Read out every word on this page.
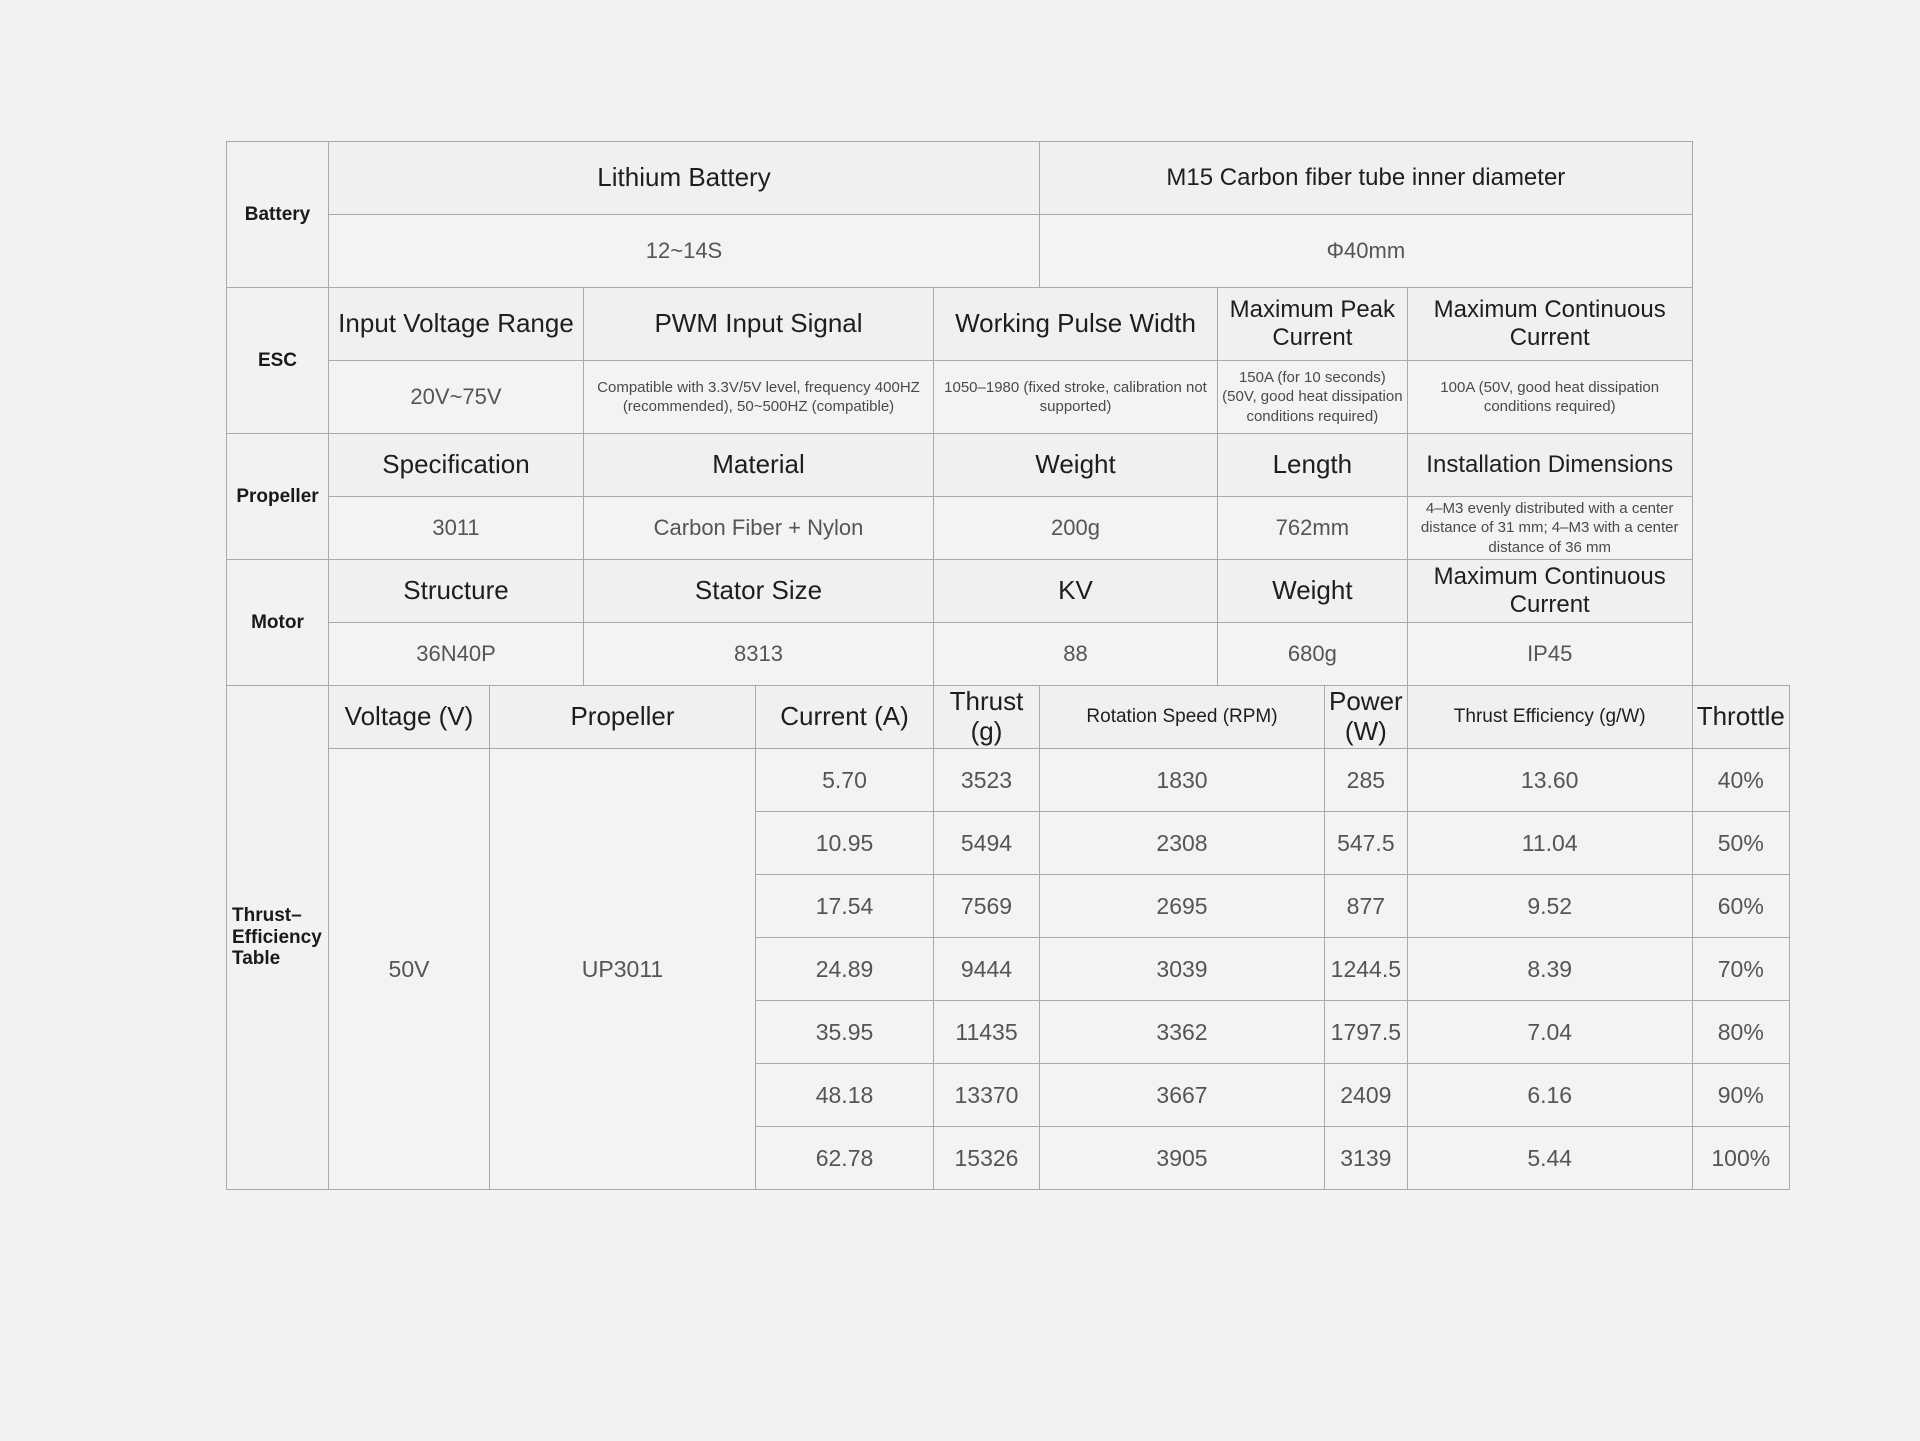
Battery	Lithium Battery					M15 Carbon fiber tube inner diameter				
	12~14S					Φ40mm				
ESC	Input Voltage Range		PWM Input Signal		Working Pulse Width		Maximum Peak Current		Maximum Continuous Current	
	20V~75V		Compatible with 3.3V/5V level, frequency 400HZ (recommended), 50~500HZ (compatible)		1050–1980 (fixed stroke, calibration not supported)		150A (for 10 seconds) (50V, good heat dissipation conditions required)		100A (50V, good heat dissipation conditions required)	
Propeller	Specification		Material		Weight		Length		Installation Dimensions	
	3011		Carbon Fiber + Nylon		200g		762mm		4–M3 evenly distributed with a center distance of 31 mm; 4–M3 with a center distance of 36 mm	
Motor	Structure		Stator Size		KV		Weight		Maximum Continuous Current	
	36N40P		8313		88		680g		IP45	
Thrust–Efficiency Table	Voltage (V)	Propeller		Current (A)	Thrust (g)	Rotation Speed (RPM)		Power (W)	Thrust Efficiency (g/W)	Throttle
	50V	UP3011		5.70	3523	1830		285	13.60	40%
				10.95	5494	2308		547.5	11.04	50%
				17.54	7569	2695		877	9.52	60%
				24.89	9444	3039		1244.5	8.39	70%
				35.95	11435	3362		1797.5	7.04	80%
				48.18	13370	3667		2409	6.16	90%
				62.78	15326	3905		3139	5.44	100%
